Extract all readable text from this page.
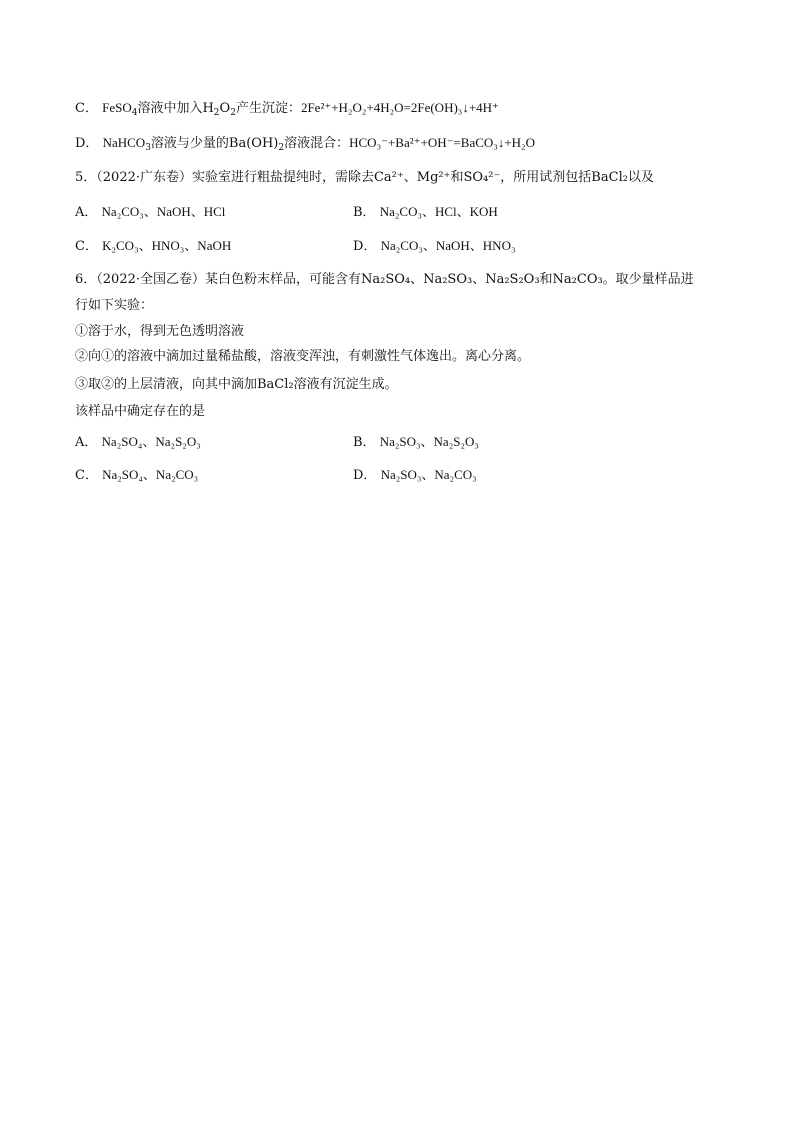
C． FeSO$_4$溶液中加入$H_2O_2$产生沉淀：2Fe²⁺+H₂O₂+4H₂O=2Fe(OH)₃↓+4H⁺
D． NaHCO$_3$溶液与少量的$Ba(OH)_2$溶液混合：HCO₃⁻+Ba²⁺+OH⁻=BaCO₃↓+H₂O
5．（2022·广东卷）实验室进行粗盐提纯时，需除去Ca²⁺、Mg²⁺和SO₄²⁻，所用试剂包括BaCl₂以及
A． Na₂CO₃、NaOH、HCl	B． Na₂CO₃、HCl、KOH
C． K₂CO₃、HNO₃、NaOH	D． Na₂CO₃、NaOH、HNO₃
6．（2022·全国乙卷）某白色粉末样品，可能含有Na₂SO₄、Na₂SO₃、Na₂S₂O₃和Na₂CO₃。取少量样品进
行如下实验：
①溶于水，得到无色透明溶液
②向①的溶液中滴加过量稀盐酸，溶液变浑浊，有刺激性气体逸出。离心分离。
③取②的上层清液，向其中滴加BaCl₂溶液有沉淀生成。
该样品中确定存在的是
A． Na₂SO₄、Na₂S₂O₃	B． Na₂SO₃、Na₂S₂O₃
C． Na₂SO₄、Na₂CO₃	D． Na₂SO₃、Na₂CO₃
